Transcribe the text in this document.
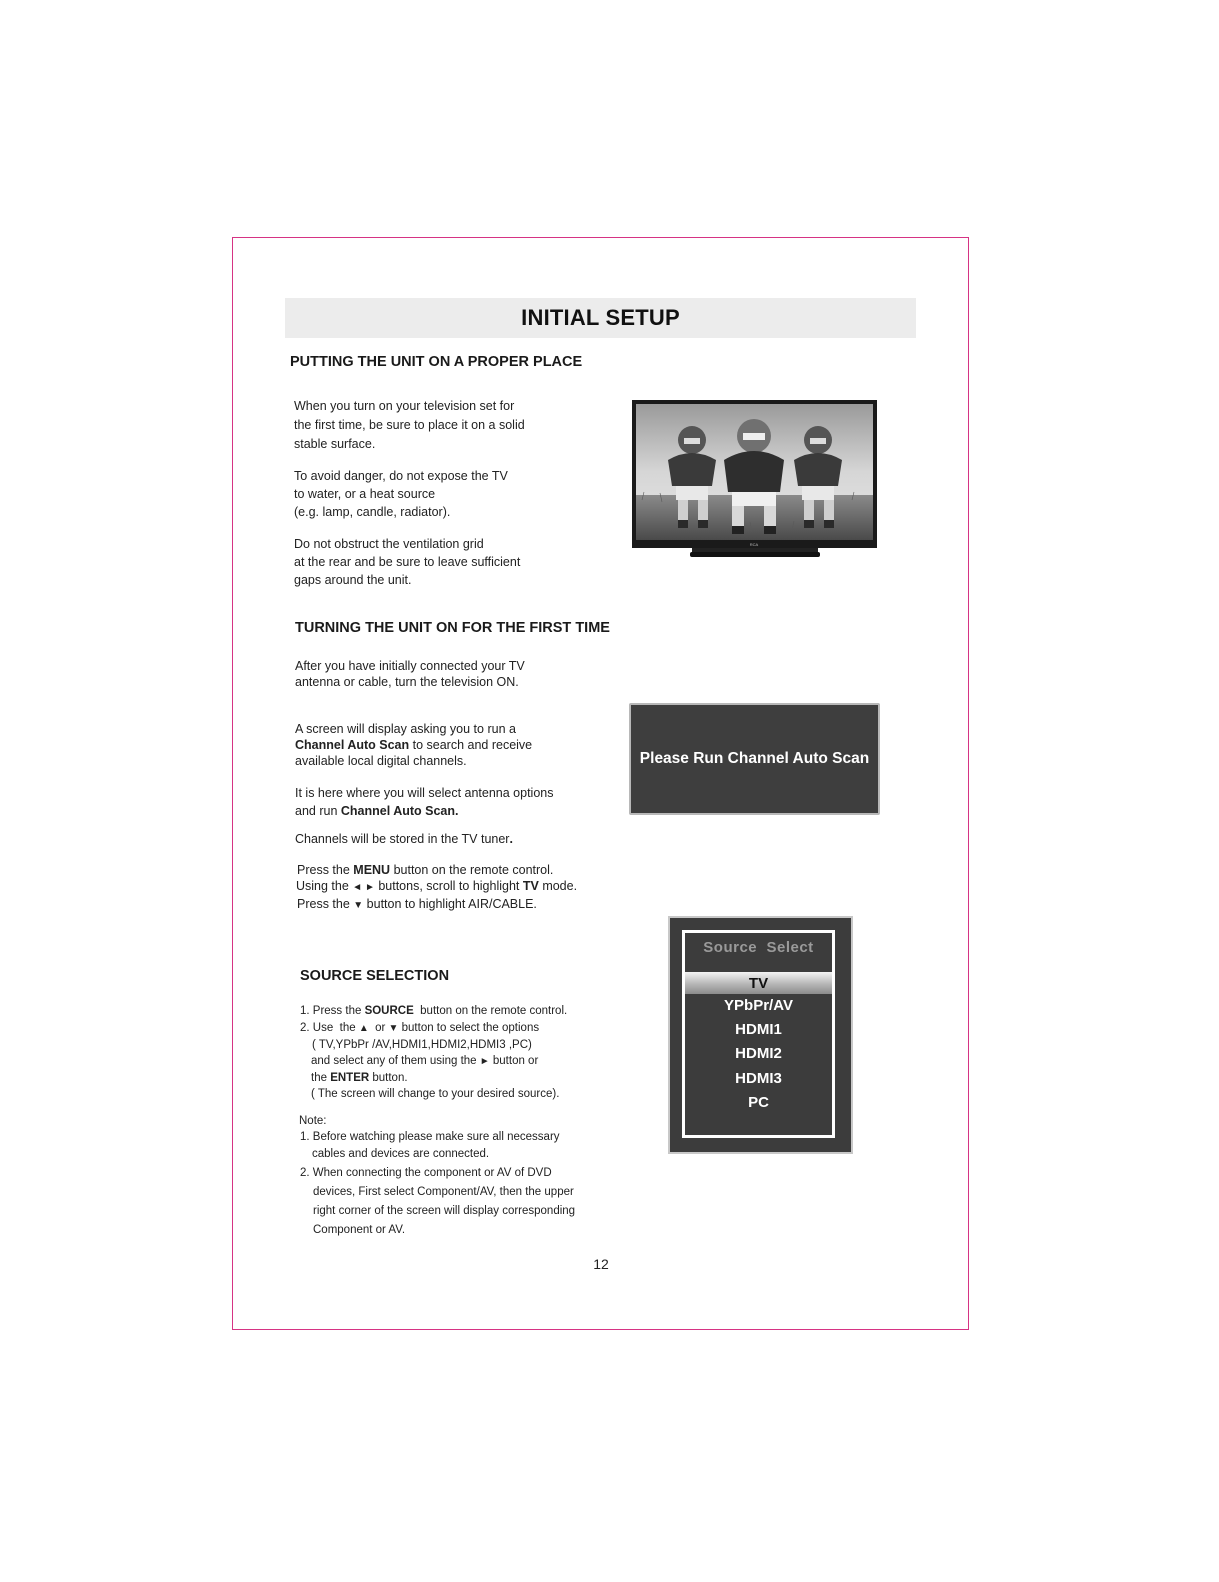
INITIAL SETUP
PUTTING THE UNIT ON A PROPER PLACE
When you turn on your television set for
the first time, be sure to place it on a solid
stable surface.
To avoid danger, do not expose the TV
to water, or a heat source
(e.g. lamp, candle, radiator).
Do not obstruct the ventilation grid
at the rear and be sure to leave sufficient
gaps around the unit.
RCA
TURNING THE UNIT ON FOR THE FIRST TIME
After you have initially connected your TV
antenna or cable, turn the television ON.
A screen will display asking you to run a
Channel Auto Scan to search and receive
available local digital channels.
It is here where you will select antenna options
and run Channel Auto Scan.
Channels will be stored in the TV tuner.
Press the MENU button on the remote control.
Using the ◄ ► buttons, scroll to highlight TV mode.
Press the ▼ button to highlight AIR/CABLE.
Please Run Channel Auto Scan
SOURCE SELECTION
1. Press the SOURCE  button on the remote control.
2. Use  the ▲  or ▼ button to select the options
( TV,YPbPr /AV,HDMI1,HDMI2,HDMI3 ,PC)
and select any of them using the ► button or
the ENTER button.
( The screen will change to your desired source).
Note:
1. Before watching please make sure all necessary
cables and devices are connected.
2. When connecting the component or AV of DVD
devices, First select Component/AV, then the upper
right corner of the screen will display corresponding
Component or AV.
Source  Select
TV
YPbPr/AV
HDMI1
HDMI2
HDMI3
PC
12
